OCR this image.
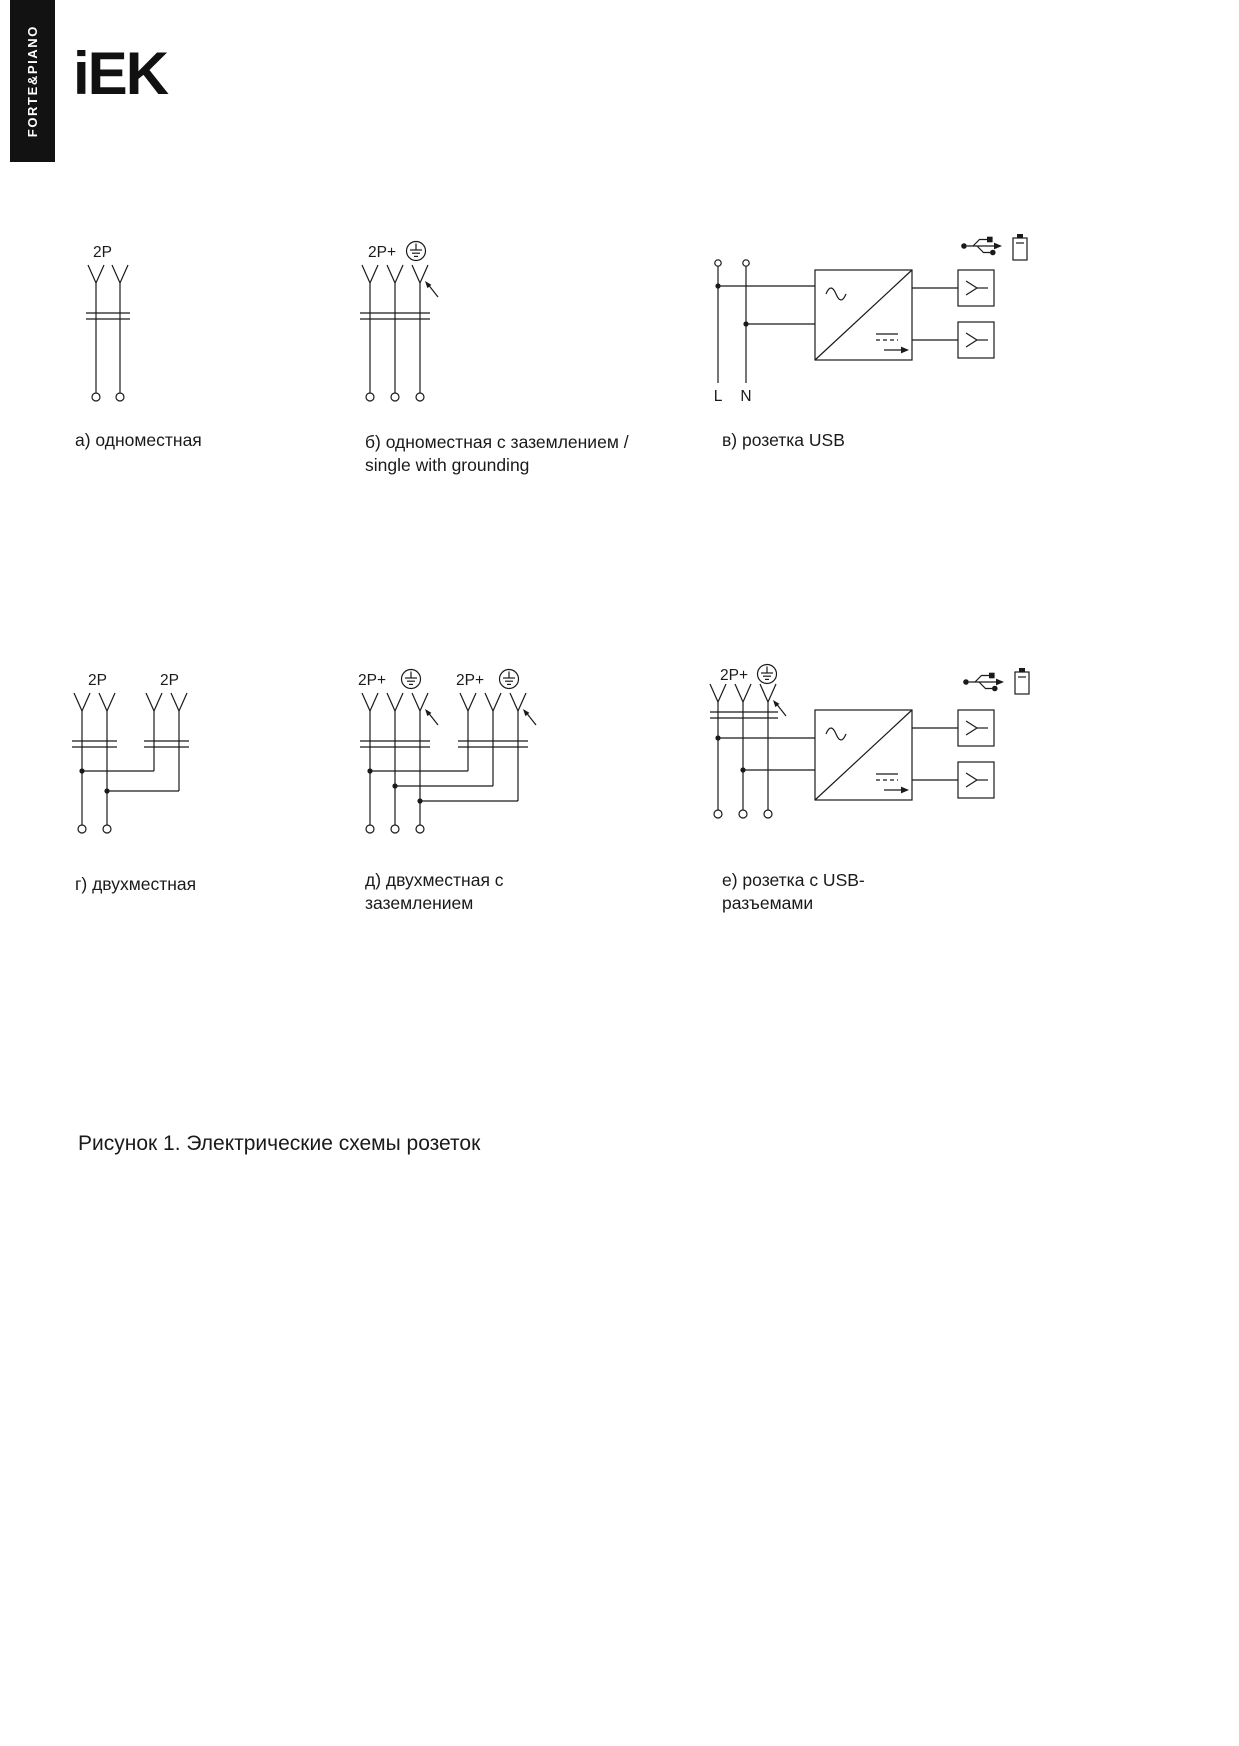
FORTE&PIANO iEK
2P	2P+
L N
2P	2P	2P+	2P+	2P+
а) одноместная	б) одноместная с заземлением /
single with grounding
в) розетка USB
г) двухместная	д) двухместная с
заземлением
е) розетка с USB-
разъемами
Рисунок 1. Электрические схемы розеток
